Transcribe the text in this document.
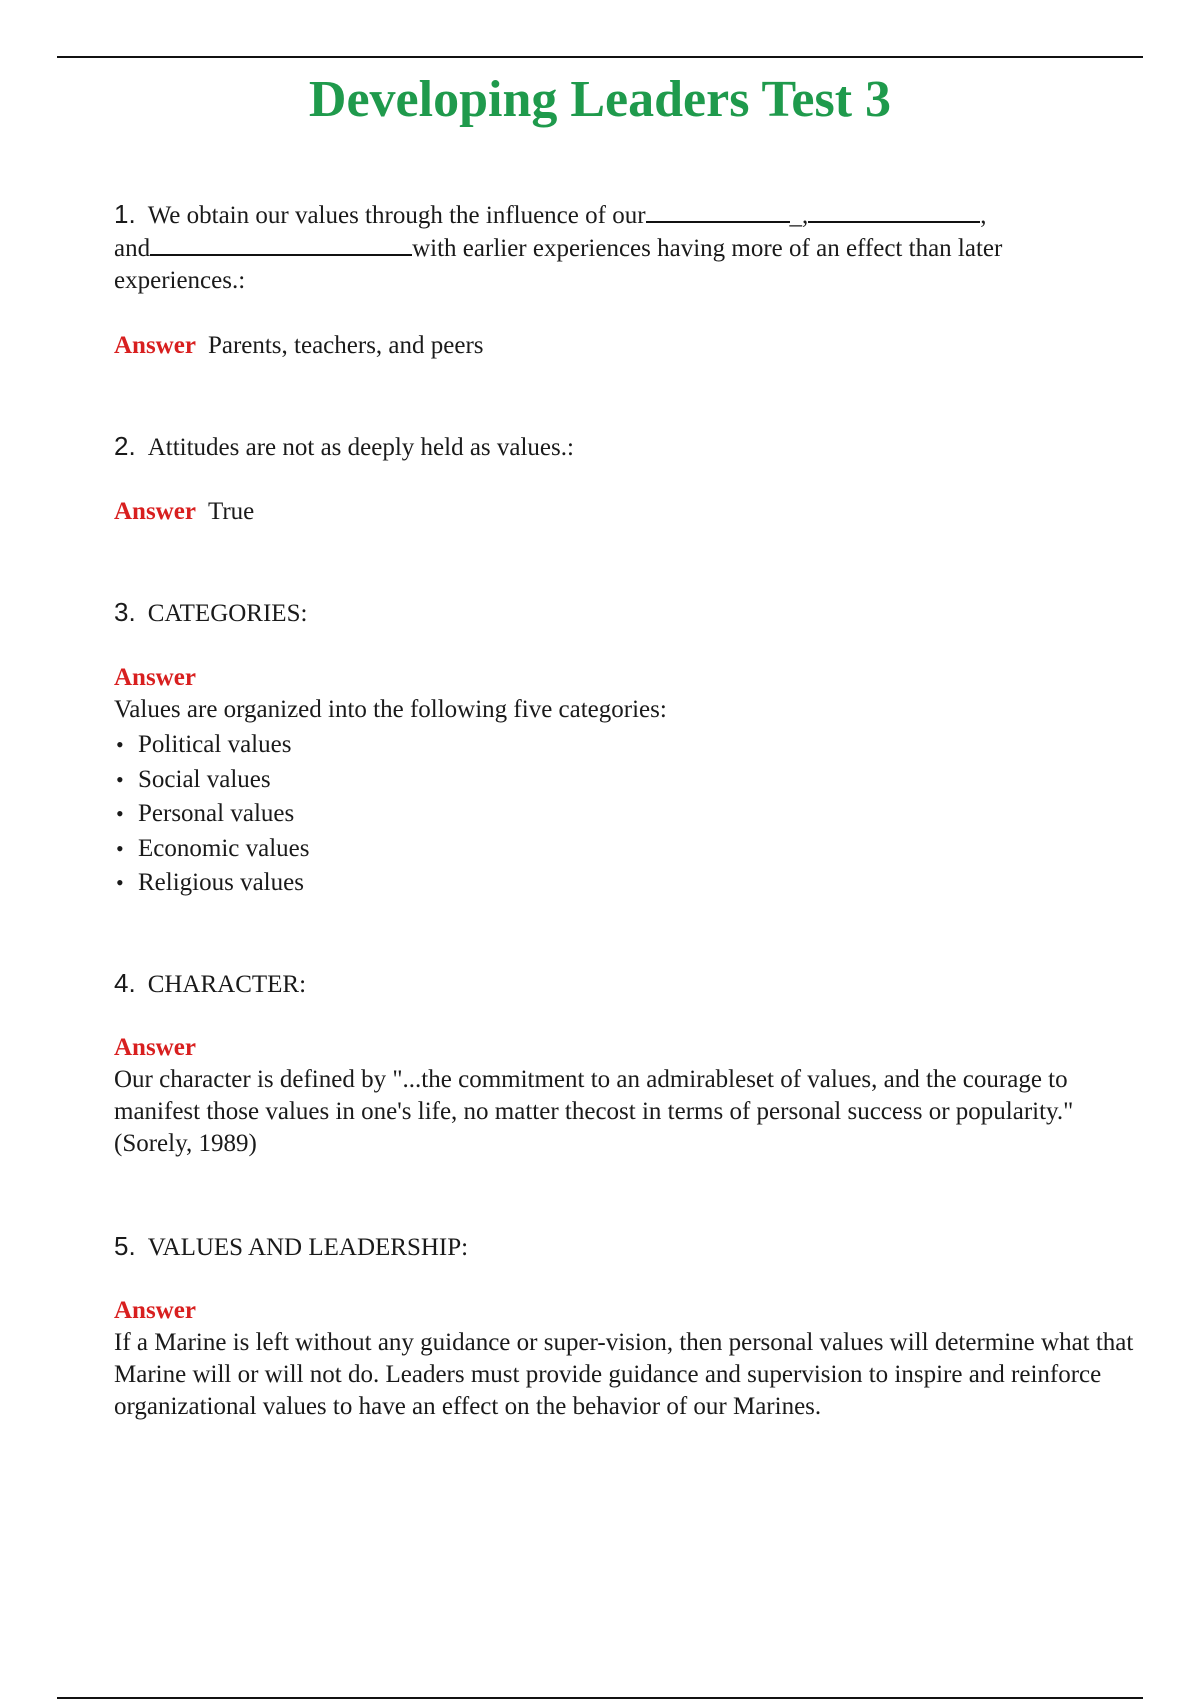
Developing Leaders Test 3
1. We obtain our values through the influence of our	_,	,
and	with earlier experiences having more of an effect than later experiences.:
Answer Parents, teachers, and peers
2. Attitudes are not as deeply held as values.:
Answer True
3. CATEGORIES:
Answer
Values are organized into the following five categories:
• Political values
• Social values
• Personal values
• Economic values
• Religious values
4. CHARACTER:
Answer
Our character is defined by "...the commitment to an admirableset of values, and the courage to manifest those values in one's life, no matter thecost in terms of personal success or popularity." (Sorely, 1989)
5. VALUES AND LEADERSHIP:
Answer
If a Marine is left without any guidance or super-vision, then personal values will determine what that Marine will or will not do. Leaders must provide guidance and supervision to inspire and reinforce organizational values to have an effect on the behavior of our Marines.
